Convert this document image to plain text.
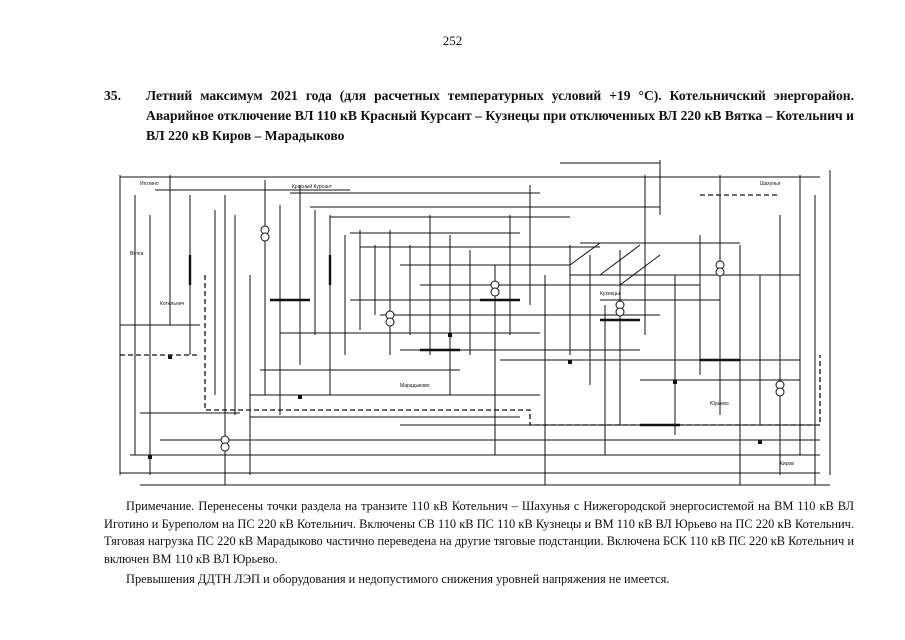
252
35. Летний максимум 2021 года (для расчетных температурных условий +19 °С). Котельничский энергорайон. Аварийное отключение ВЛ 110 кВ Красный Курсант – Кузнецы при отключенных ВЛ 220 кВ Вятка – Котельнич и ВЛ 220 кВ Киров – Марадыково
Красный Курсант
Кузнецы
Котельнич
Марадыково
Вятка
Киров
Юрьево
Шахунья
Иготино

Примечание. Перенесены точки раздела на транзите 110 кВ Котельнич – Шахунья с Нижегородской энергосистемой на ВМ 110 кВ ВЛ Иготино и Буреполом на ПС 220 кВ Котельнич. Включены СВ 110 кВ ПС 110 кВ Кузнецы и ВМ 110 кВ ВЛ Юрьево на ПС 220 кВ Котельнич. Тяговая нагрузка ПС 220 кВ Марадыково частично переведена на другие тяговые подстанции. Включена БСК 110 кВ ПС 220 кВ Котельнич и включен ВМ 110 кВ ВЛ Юрьево.

Превышения ДДТН ЛЭП и оборудования и недопустимого снижения уровней напряжения не имеется.
